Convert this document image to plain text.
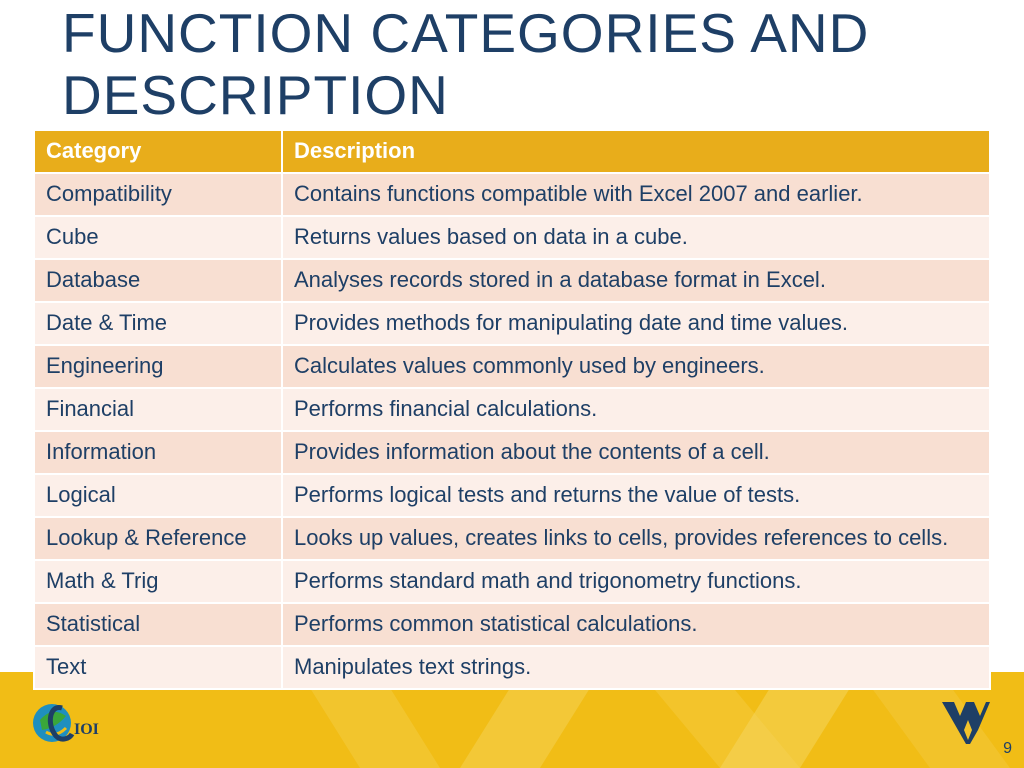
FUNCTION CATEGORIES AND DESCRIPTION
Category	Description
Compatibility	Contains functions compatible with Excel 2007 and earlier.
Cube	Returns values based on data in a cube.
Database	Analyses records stored in a database format in Excel.
Date & Time	Provides methods for manipulating date and time values.
Engineering	Calculates values commonly used by engineers.
Financial	Performs financial calculations.
Information	Provides information about the contents of a cell.
Logical	Performs logical tests and returns the value of tests.
Lookup & Reference	Looks up values, creates links to cells, provides references to cells.
Math & Trig	Performs standard math and trigonometry functions.
Statistical	Performs common statistical calculations.
Text	Manipulates text strings.
IOI
9
